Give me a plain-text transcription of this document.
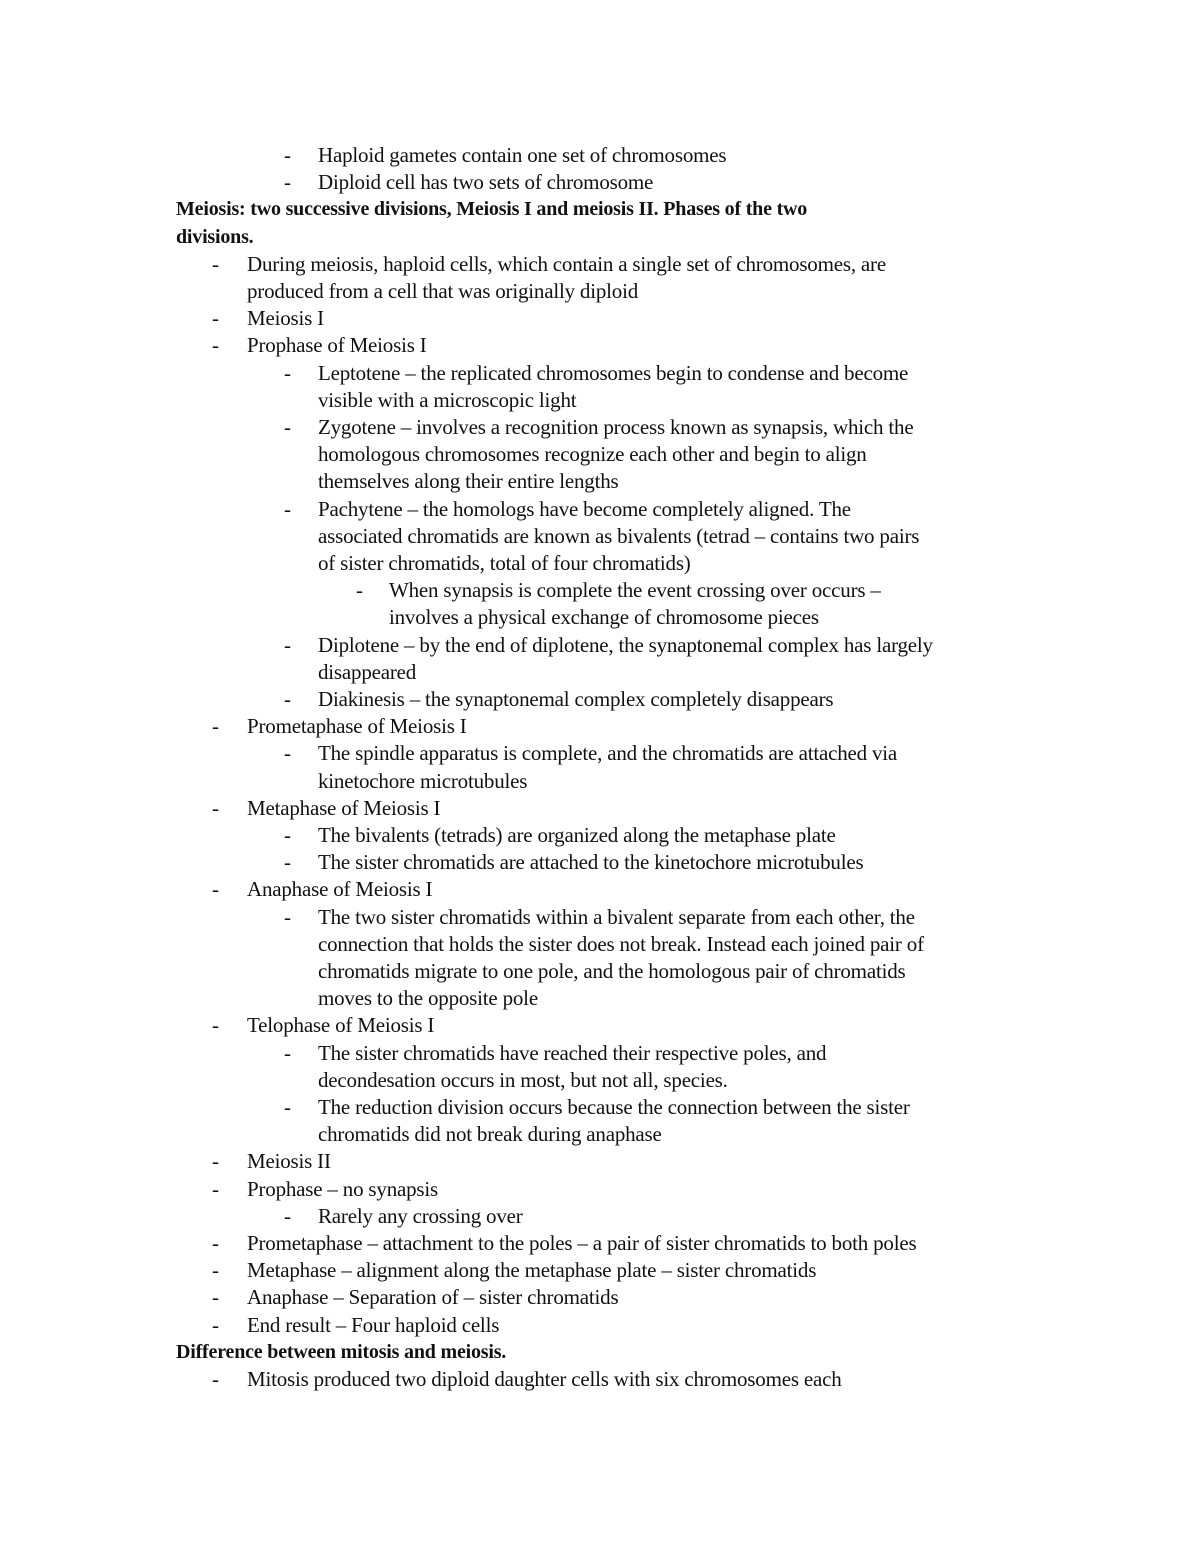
- Haploid gametes contain one set of chromosomes
- Diploid cell has two sets of chromosome
Meiosis: two successive divisions, Meiosis I and meiosis II. Phases of the two
divisions.
- During meiosis, haploid cells, which contain a single set of chromosomes, are
produced from a cell that was originally diploid
- Meiosis I
- Prophase of Meiosis I
- Leptotene – the replicated chromosomes begin to condense and become
visible with a microscopic light
- Zygotene – involves a recognition process known as synapsis, which the
homologous chromosomes recognize each other and begin to align
themselves along their entire lengths
- Pachytene – the homologs have become completely aligned. The
associated chromatids are known as bivalents (tetrad – contains two pairs
of sister chromatids, total of four chromatids)
- When synapsis is complete the event crossing over occurs –
involves a physical exchange of chromosome pieces
- Diplotene – by the end of diplotene, the synaptonemal complex has largely
disappeared
- Diakinesis – the synaptonemal complex completely disappears
- Prometaphase of Meiosis I
- The spindle apparatus is complete, and the chromatids are attached via
kinetochore microtubules
- Metaphase of Meiosis I
- The bivalents (tetrads) are organized along the metaphase plate
- The sister chromatids are attached to the kinetochore microtubules
- Anaphase of Meiosis I
- The two sister chromatids within a bivalent separate from each other, the
connection that holds the sister does not break. Instead each joined pair of
chromatids migrate to one pole, and the homologous pair of chromatids
moves to the opposite pole
- Telophase of Meiosis I
- The sister chromatids have reached their respective poles, and
decondesation occurs in most, but not all, species.
- The reduction division occurs because the connection between the sister
chromatids did not break during anaphase
- Meiosis II
- Prophase – no synapsis
- Rarely any crossing over
- Prometaphase – attachment to the poles – a pair of sister chromatids to both poles
- Metaphase – alignment along the metaphase plate – sister chromatids
- Anaphase – Separation of – sister chromatids
- End result – Four haploid cells
Difference between mitosis and meiosis.
- Mitosis produced two diploid daughter cells with six chromosomes each
